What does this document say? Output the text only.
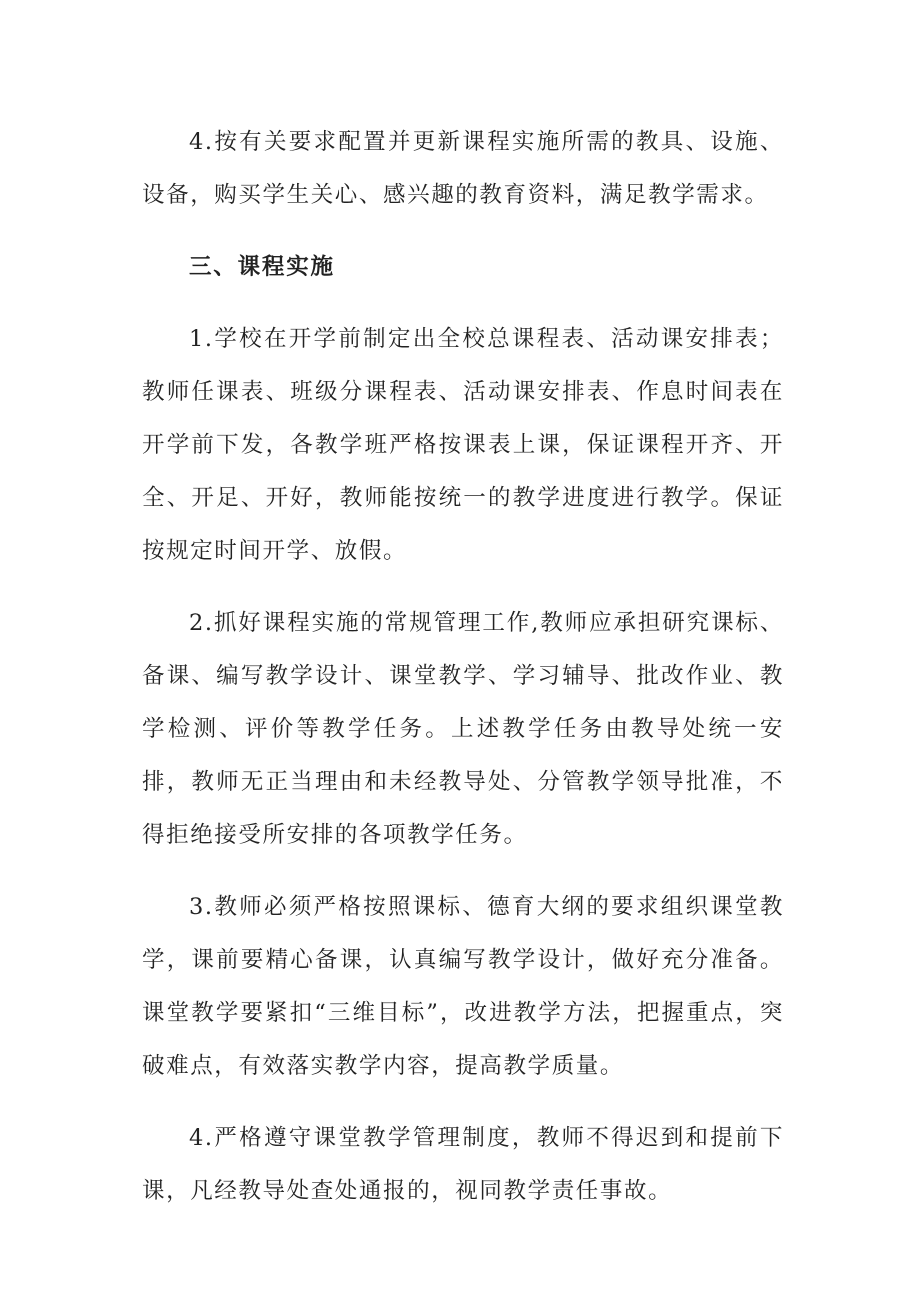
4.按有关要求配置并更新课程实施所需的教具、设施、设备，购买学生关心、感兴趣的教育资料，满足教学需求。

三、课程实施

1.学校在开学前制定出全校总课程表、活动课安排表；教师任课表、班级分课程表、活动课安排表、作息时间表在开学前下发，各教学班严格按课表上课，保证课程开齐、开全、开足、开好，教师能按统一的教学进度进行教学。保证按规定时间开学、放假。

2.抓好课程实施的常规管理工作,教师应承担研究课标、备课、编写教学设计、课堂教学、学习辅导、批改作业、教学检测、评价等教学任务。上述教学任务由教导处统一安排，教师无正当理由和未经教导处、分管教学领导批准，不得拒绝接受所安排的各项教学任务。

3.教师必须严格按照课标、德育大纲的要求组织课堂教学，课前要精心备课，认真编写教学设计，做好充分准备。课堂教学要紧扣“三维目标”，改进教学方法，把握重点，突破难点，有效落实教学内容，提高教学质量。

4.严格遵守课堂教学管理制度，教师不得迟到和提前下课，凡经教导处查处通报的，视同教学责任事故。
